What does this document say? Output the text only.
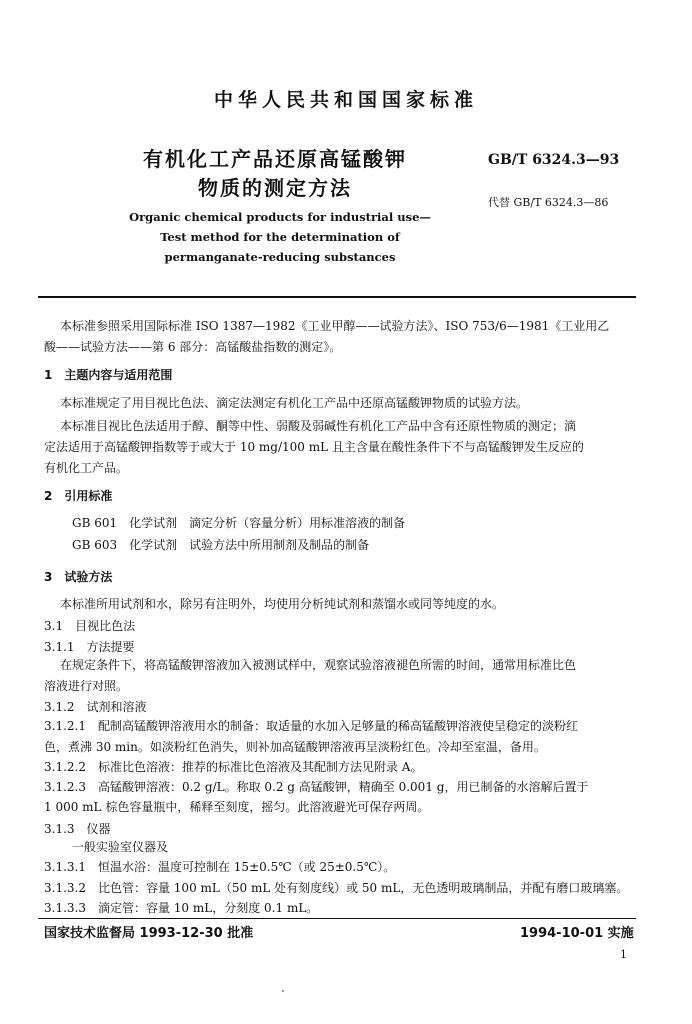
中华人民共和国国家标准
有机化工产品还原高锰酸钾
物质的测定方法
GB/T 6324.3—93
代替 GB/T 6324.3—86
Organic chemical products for industrial use—
Test method for the determination of
permanganate-reducing substances
本标准参照采用国际标准 ISO 1387—1982《工业甲醇——试验方法》、ISO 753/6—1981《工业用乙
酸——试验方法——第 6 部分：高锰酸盐指数的测定》。
1　主题内容与适用范围
本标准规定了用目视比色法、滴定法测定有机化工产品中还原高锰酸钾物质的试验方法。
本标准目视比色法适用于醇、酮等中性、弱酸及弱碱性有机化工产品中含有还原性物质的测定；滴
定法适用于高锰酸钾指数等于或大于 10 mg/100 mL 且主含量在酸性条件下不与高锰酸钾发生反应的
有机化工产品。
2　引用标准
GB 601　化学试剂　滴定分析（容量分析）用标准溶液的制备
GB 603　化学试剂　试验方法中所用制剂及制品的制备
3　试验方法
本标准所用试剂和水，除另有注明外，均使用分析纯试剂和蒸馏水或同等纯度的水。
3.1　目视比色法
3.1.1　方法提要
在规定条件下，将高锰酸钾溶液加入被测试样中，观察试验溶液褪色所需的时间，通常用标准比色
溶液进行对照。
3.1.2　试剂和溶液
3.1.2.1　配制高锰酸钾溶液用水的制备：取适量的水加入足够量的稀高锰酸钾溶液使呈稳定的淡粉红
色，煮沸 30 min。如淡粉红色消失，则补加高锰酸钾溶液再呈淡粉红色。冷却至室温，备用。
3.1.2.2　标准比色溶液：推荐的标准比色溶液及其配制方法见附录 A。
3.1.2.3　高锰酸钾溶液：0.2 g/L。称取 0.2 g 高锰酸钾，精确至 0.001 g，用已制备的水溶解后置于
1 000 mL 棕色容量瓶中，稀释至刻度，摇匀。此溶液避光可保存两周。
3.1.3　仪器
一般实验室仪器及
3.1.3.1　恒温水浴：温度可控制在 15±0.5℃（或 25±0.5℃）。
3.1.3.2　比色管：容量 100 mL（50 mL 处有刻度线）或 50 mL，无色透明玻璃制品，并配有磨口玻璃塞。
3.1.3.3　滴定管：容量 10 mL，分刻度 0.1 mL。
国家技术监督局 1993-12-30 批准	1994-10-01 实施
1
